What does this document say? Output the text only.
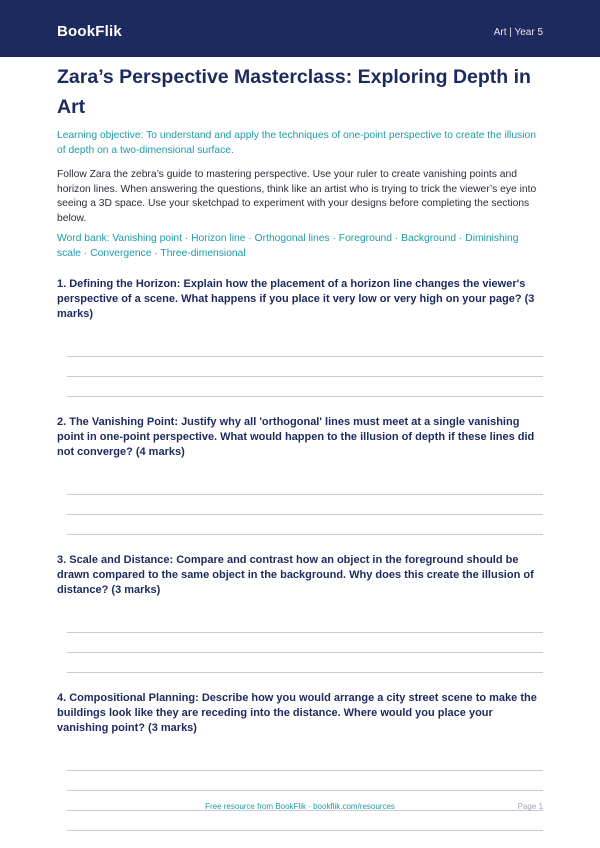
BookFlik	Art | Year 5
Zara’s Perspective Masterclass: Exploring Depth in Art
Learning objective: To understand and apply the techniques of one-point perspective to create the illusion of depth on a two-dimensional surface.
Follow Zara the zebra’s guide to mastering perspective. Use your ruler to create vanishing points and horizon lines. When answering the questions, think like an artist who is trying to trick the viewer’s eye into seeing a 3D space. Use your sketchpad to experiment with your designs before completing the sections below.
Word bank: Vanishing point · Horizon line · Orthogonal lines · Foreground · Background · Diminishing scale · Convergence · Three-dimensional
1. Defining the Horizon: Explain how the placement of a horizon line changes the viewer's perspective of a scene. What happens if you place it very low or very high on your page? (3 marks)
2. The Vanishing Point: Justify why all 'orthogonal' lines must meet at a single vanishing point in one-point perspective. What would happen to the illusion of depth if these lines did not converge? (4 marks)
3. Scale and Distance: Compare and contrast how an object in the foreground should be drawn compared to the same object in the background. Why does this create the illusion of distance? (3 marks)
4. Compositional Planning: Describe how you would arrange a city street scene to make the buildings look like they are receding into the distance. Where would you place your vanishing point? (3 marks)
Free resource from BookFlik · bookflik.com/resources	Page 1
